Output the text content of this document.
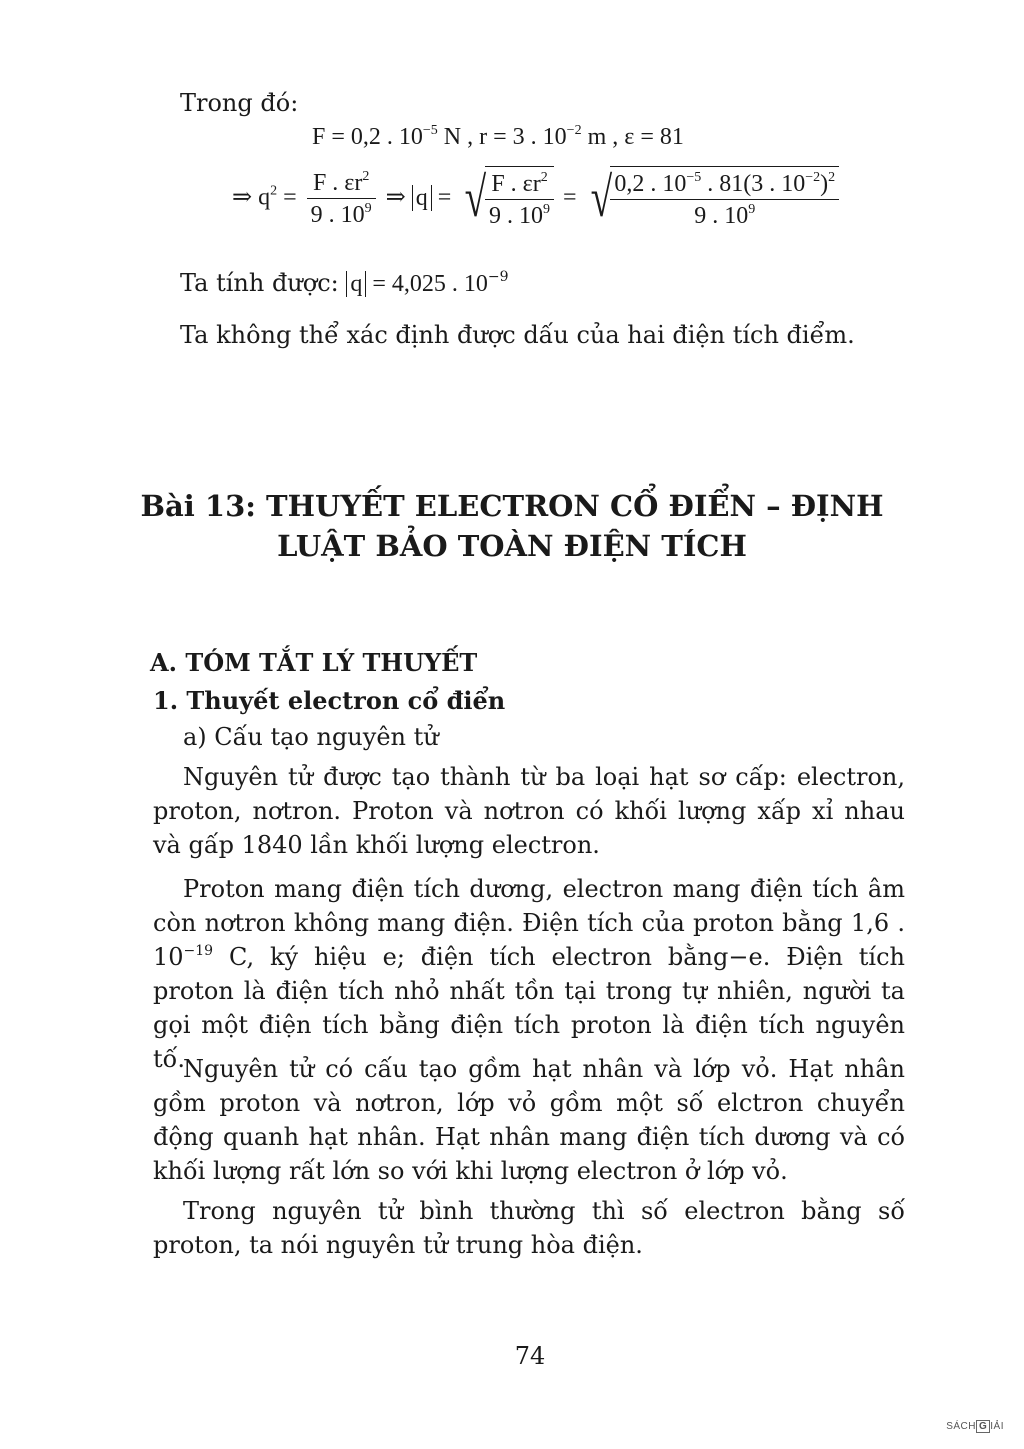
Trong đó:
F = 0,2 . $10^{-5}$ N , r = 3 . $10^{-2}$ m , ε = 81
⇒ $q^2 = \frac{F . \varepsilon r^2}{9 . 10^9}$ ⇒ q = √
$\frac{F . \varepsilon r^2}{9 . 10^9}$ = √
$\frac{0,2 . 10^{-5} . 81(3 . 10^{-2})^2}{9 . 10^9}$
Ta tính được: q = 4,025 . $10^{-9}$
Ta không thể xác định được dấu của hai điện tích điểm.
Bài 13: THUYẾT ELECTRON CỔ ĐIỂN – ĐỊNH
LUẬT BẢO TOÀN ĐIỆN TÍCH
A. TÓM TẮT LÝ THUYẾT
1. Thuyết electron cổ điển
a) Cấu tạo nguyên tử

Nguyên tử được tạo thành từ ba loại hạt sơ cấp: electron, proton, nơtron. Proton và nơtron có khối lượng xấp xỉ nhau và gấp 1840 lần khối lượng electron.

Proton mang điện tích dương, electron mang điện tích âm còn nơtron không mang điện. Điện tích của proton bằng 1,6 . $10^{-19}$ C, ký hiệu e; điện tích electron bằng−e. Điện tích proton là điện tích nhỏ nhất tồn tại trong tự nhiên, người ta gọi một điện tích bằng điện tích proton là điện tích nguyên tố.

Nguyên tử có cấu tạo gồm hạt nhân và lớp vỏ. Hạt nhân gồm proton và nơtron, lớp vỏ gồm một số elctron chuyển động quanh hạt nhân. Hạt nhân mang điện tích dương và có khối lượng rất lớn so với khi lượng electron ở lớp vỏ.

Trong nguyên tử bình thường thì số electron bằng số proton, ta nói nguyên tử trung hòa điện.

74
SÁCH G IẢI
